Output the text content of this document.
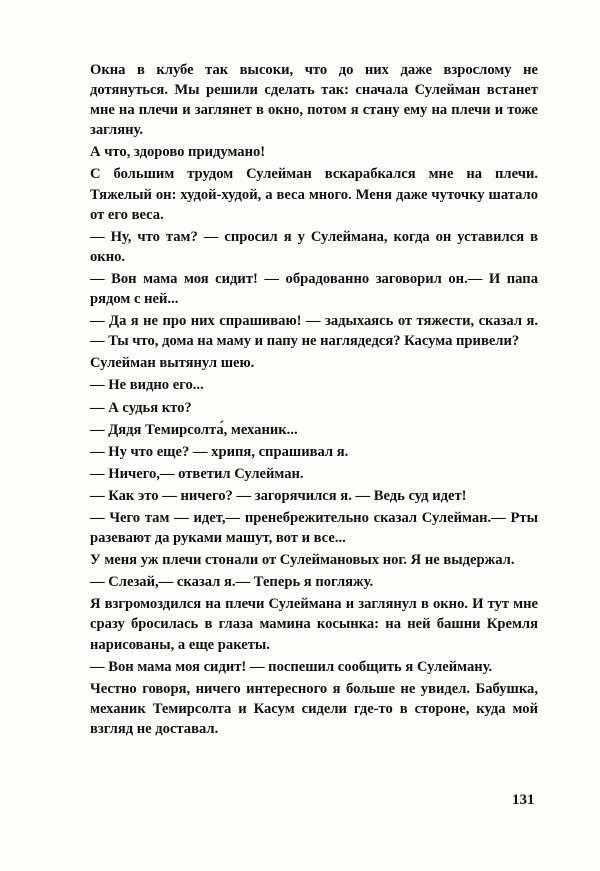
Окна в клубе так высоки, что до них даже взрослому не дотянуться. Мы решили сделать так: сначала Сулейман встанет мне на плечи и заглянет в окно, потом я стану ему на плечи и тоже загляну.

А что, здорово придумано!

С большим трудом Сулейман вскарабкался мне на плечи. Тяжелый он: худой-худой, а веса много. Меня даже чуточку шатало от его веса.

— Ну, что там? — спросил я у Сулеймана, когда он уставился в окно.

— Вон мама моя сидит! — обрадованно заговорил он.— И папа рядом с ней...

— Да я не про них спрашиваю! — задыхаясь от тяжести, сказал я.— Ты что, дома на маму и папу не наглядедся? Касума привели?

Сулейман вытянул шею.

— Не видно его...

— А судья кто?

— Дядя Темирсолта́, механик...

— Ну что еще? — хрипя, спрашивал я.

— Ничего,— ответил Сулейман.

— Как это — ничего? — загорячился я. — Ведь суд идет!

— Чего там — идет,— пренебрежительно сказал Сулейман.— Рты разевают да руками машут, вот и все...

У меня уж плечи стонали от Сулеймановых ног. Я не выдержал.

— Слезай,— сказал я.— Теперь я погляжу.

Я взгромоздился на плечи Сулеймана и заглянул в окно. И тут мне сразу бросилась в глаза мамина косынка: на ней башни Кремля нарисованы, а еще ракеты.

— Вон мама моя сидит! — поспешил сообщить я Сулейману.

Честно говоря, ничего интересного я больше не увидел. Бабушка, механик Темирсолта и Касум сидели где-то в стороне, куда мой взгляд не доставал.

131
